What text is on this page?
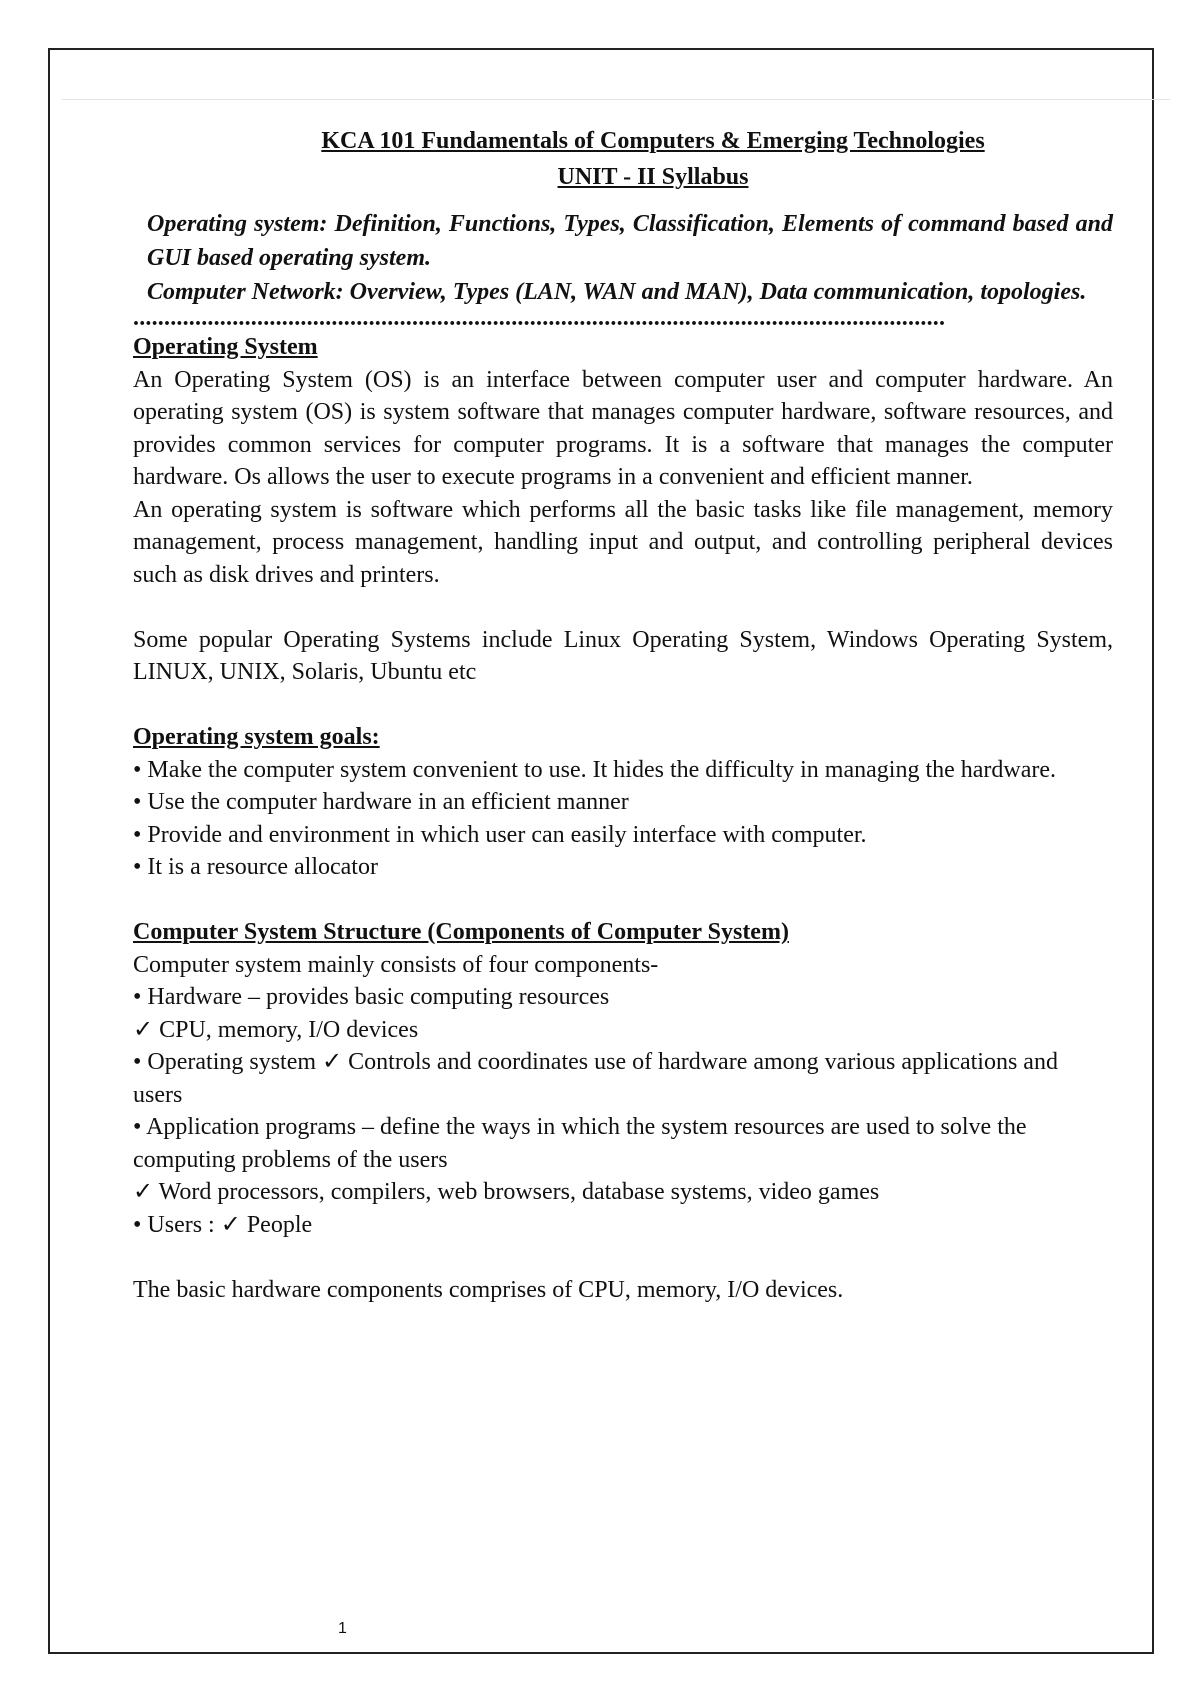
KCA 101 Fundamentals of Computers & Emerging Technologies
UNIT - II Syllabus
Operating system: Definition, Functions, Types, Classification, Elements of command based and GUI based operating system.
Computer Network: Overview, Types (LAN, WAN and MAN), Data communication, topologies.
...................................................................................................................................
Operating System
An Operating System (OS) is an interface between computer user and computer hardware. An operating system (OS) is system software that manages computer hardware, software resources, and provides common services for computer programs. It is a software that manages the computer hardware. Os allows the user to execute programs in a convenient and efficient manner.
An operating system is software which performs all the basic tasks like file management, memory management, process management, handling input and output, and controlling peripheral devices such as disk drives and printers.
Some popular Operating Systems include Linux Operating System, Windows Operating System, LINUX, UNIX, Solaris, Ubuntu etc
Operating system goals:
• Make the computer system convenient to use. It hides the difficulty in managing the hardware.
• Use the computer hardware in an efficient manner
• Provide and environment in which user can easily interface with computer.
• It is a resource allocator
Computer System Structure (Components of Computer System)
Computer system mainly consists of four components-
• Hardware – provides basic computing resources
✓ CPU, memory, I/O devices
• Operating system ✓ Controls and coordinates use of hardware among various applications and users
• Application programs – define the ways in which the system resources are used to solve the
computing problems of the users
✓ Word processors, compilers, web browsers, database systems, video games
• Users : ✓ People
The basic hardware components comprises of CPU, memory, I/O devices.
1
